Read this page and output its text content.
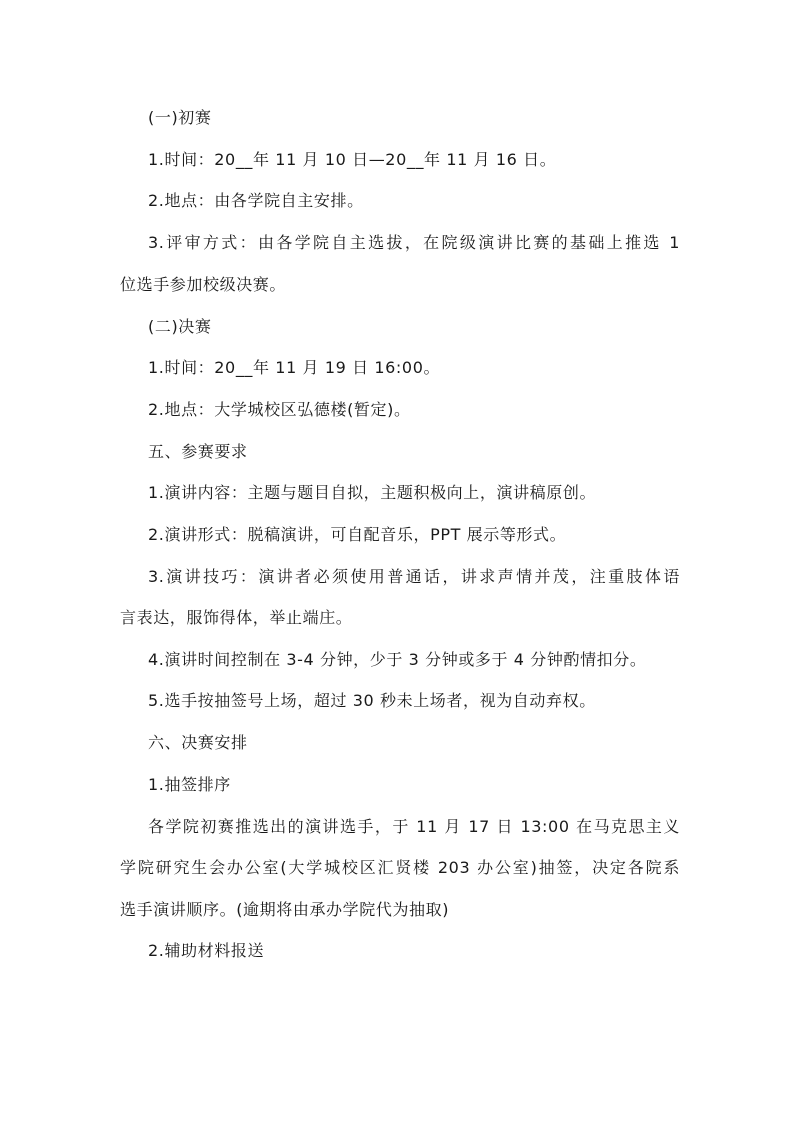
(一)初赛
1.时间：20__年 11 月 10 日—20__年 11 月 16 日。
2.地点：由各学院自主安排。
3.评审方式：由各学院自主选拔，在院级演讲比赛的基础上推选 1
位选手参加校级决赛。
(二)决赛
1.时间：20__年 11 月 19 日 16:00。
2.地点：大学城校区弘德楼(暂定)。
五、参赛要求
1.演讲内容：主题与题目自拟，主题积极向上，演讲稿原创。
2.演讲形式：脱稿演讲，可自配音乐，PPT 展示等形式。
3.演讲技巧：演讲者必须使用普通话，讲求声情并茂，注重肢体语
言表达，服饰得体，举止端庄。
4.演讲时间控制在 3-4 分钟，少于 3 分钟或多于 4 分钟酌情扣分。
5.选手按抽签号上场，超过 30 秒未上场者，视为自动弃权。
六、决赛安排
1.抽签排序
各学院初赛推选出的演讲选手，于 11 月 17 日 13:00 在马克思主义
学院研究生会办公室(大学城校区汇贤楼 203 办公室)抽签，决定各院系
选手演讲顺序。(逾期将由承办学院代为抽取)
2.辅助材料报送
